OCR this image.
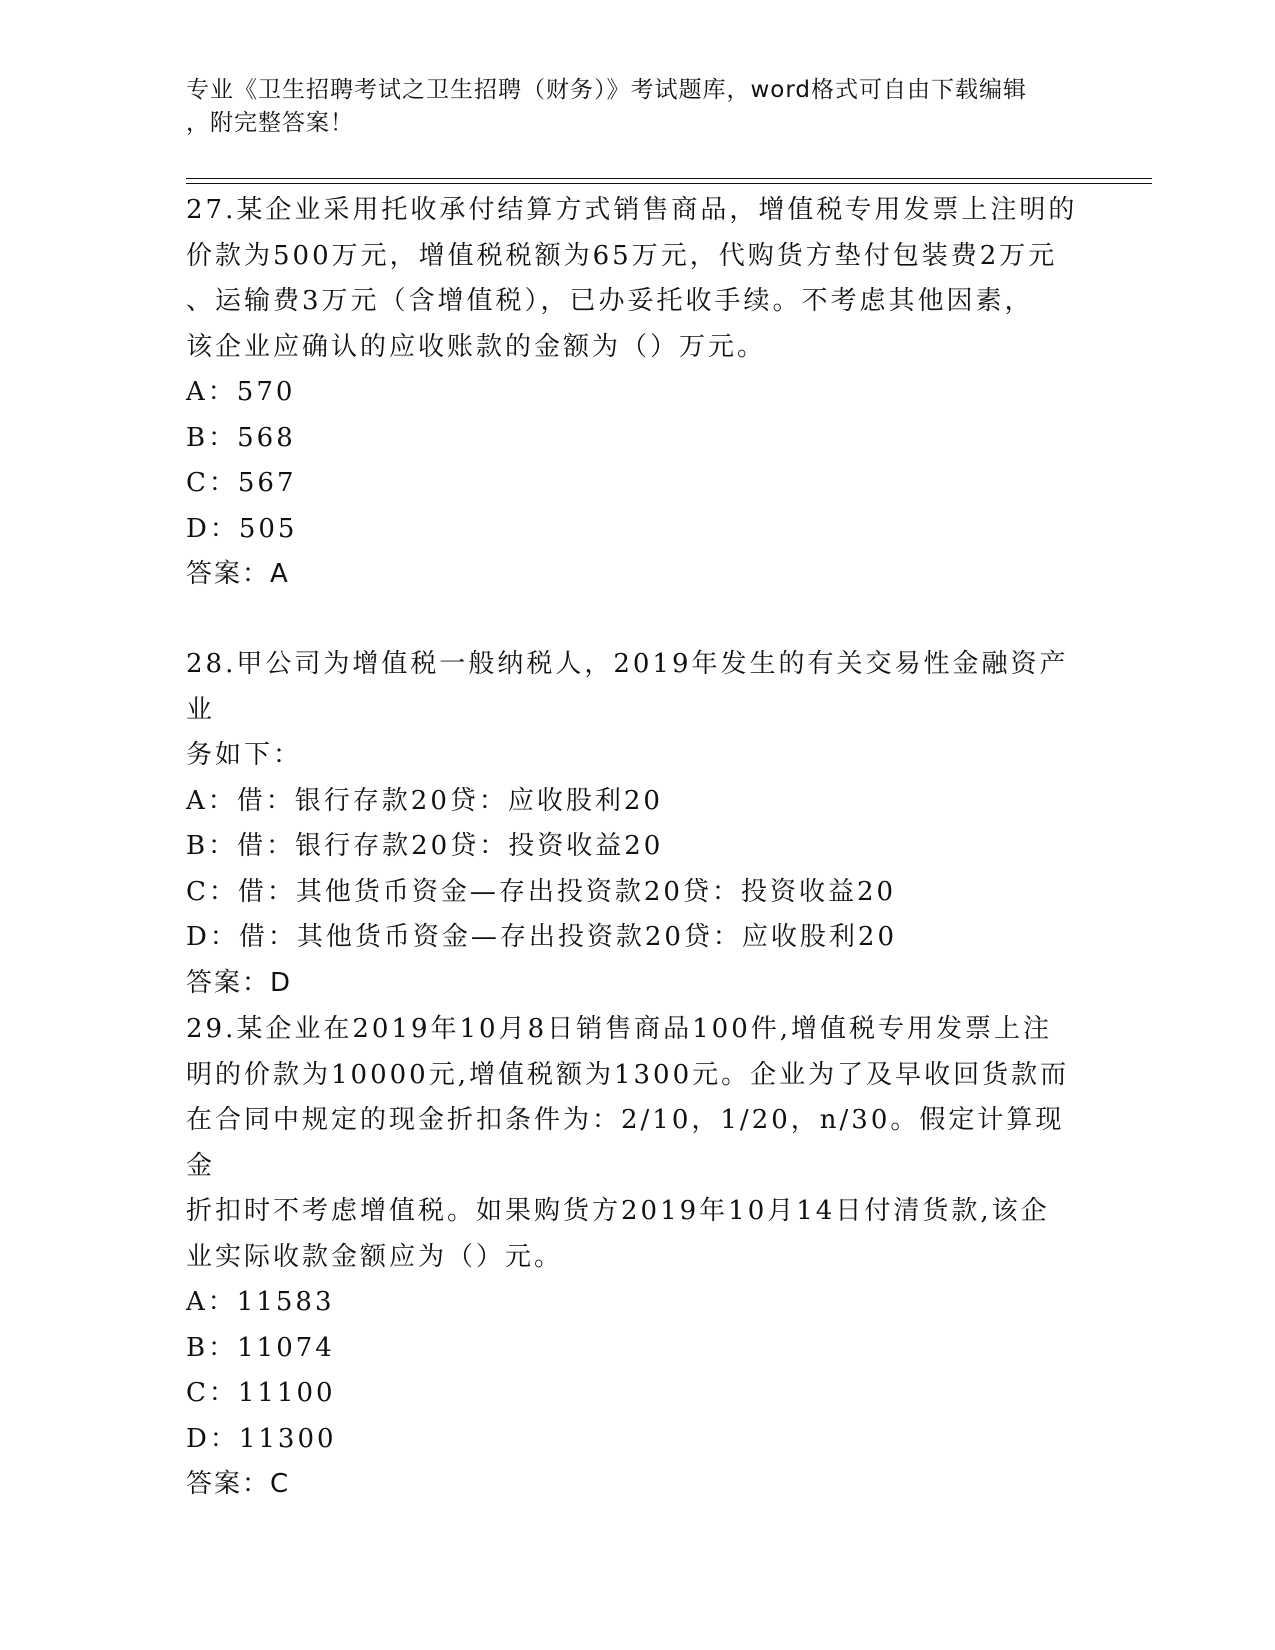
专业《卫生招聘考试之卫生招聘（财务）》考试题库，word格式可自由下载编辑
，附完整答案！
27.某企业采用托收承付结算方式销售商品，增值税专用发票上注明的
价款为500万元，增值税税额为65万元，代购货方垫付包装费2万元
、运输费3万元（含增值税），已办妥托收手续。不考虑其他因素，
该企业应确认的应收账款的金额为（）万元。
A：570
B：568
C：567
D：505
答案：A
28.甲公司为增值税一般纳税人，2019年发生的有关交易性金融资产业
务如下：
A：借：银行存款20贷：应收股利20
B：借：银行存款20贷：投资收益20
C：借：其他货币资金—存出投资款20贷：投资收益20
D：借：其他货币资金—存出投资款20贷：应收股利20
答案：D
29.某企业在2019年10月8日销售商品100件,增值税专用发票上注
明的价款为10000元,增值税额为1300元。企业为了及早收回货款而
在合同中规定的现金折扣条件为：2/10，1/20，n/30。假定计算现金
折扣时不考虑增值税。如果购货方2019年10月14日付清货款,该企
业实际收款金额应为（）元。
A：11583
B：11074
C：11100
D：11300
答案：C
